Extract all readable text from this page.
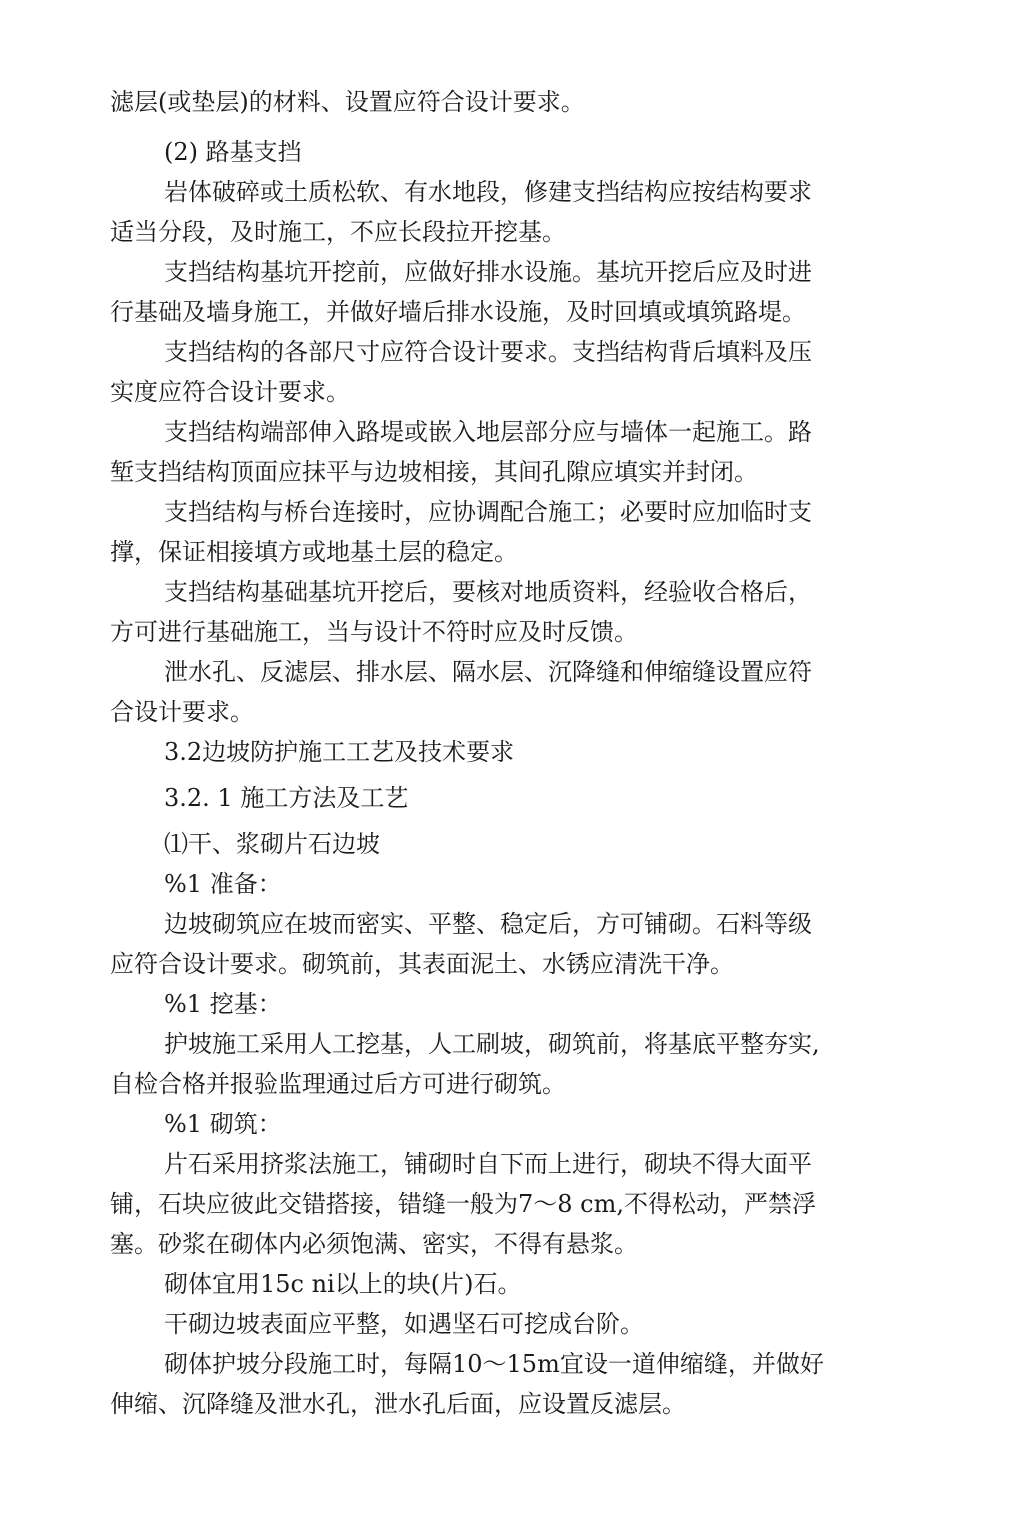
滤层(或垫层)的材料、设置应符合设计要求。
(2) 路基支挡
岩体破碎或土质松软、有水地段，修建支挡结构应按结构要求
适当分段，及时施工，不应长段拉开挖基。
支挡结构基坑开挖前，应做好排水设施。基坑开挖后应及时进
行基础及墙身施工，并做好墙后排水设施，及时回填或填筑路堤。
支挡结构的各部尺寸应符合设计要求。支挡结构背后填料及压
实度应符合设计要求。
支挡结构端部伸入路堤或嵌入地层部分应与墙体一起施工。路
堑支挡结构顶面应抹平与边坡相接，其间孔隙应填实并封闭。
支挡结构与桥台连接时，应协调配合施工；必要时应加临时支
撑，保证相接填方或地基土层的稳定。
支挡结构基础基坑开挖后，要核对地质资料，经验收合格后，
方可进行基础施工，当与设计不符时应及时反馈。
泄水孔、反滤层、排水层、隔水层、沉降缝和伸缩缝设置应符
合设计要求。
3.2边坡防护施工工艺及技术要求
3.2. 1 施工方法及工艺
⑴干、浆砌片石边坡
%1 准备：
边坡砌筑应在坡而密实、平整、稳定后，方可铺砌。石料等级
应符合设计要求。砌筑前，其表面泥土、水锈应清洗干净。
%1 挖基：
护坡施工采用人工挖基，人工刷坡，砌筑前，将基底平整夯实,
自检合格并报验监理通过后方可进行砌筑。
%1 砌筑：
片石采用挤浆法施工，铺砌时自下而上进行，砌块不得大面平
铺，石块应彼此交错搭接，错缝一般为7～8 cm,不得松动，严禁浮
塞。砂浆在砌体内必须饱满、密实，不得有悬浆。
砌体宜用15c ni以上的块(片)石。
干砌边坡表面应平整，如遇坚石可挖成台阶。
砌体护坡分段施工时，每隔10～15m宜设一道伸缩缝，并做好
伸缩、沉降缝及泄水孔，泄水孔后面，应设置反滤层。
